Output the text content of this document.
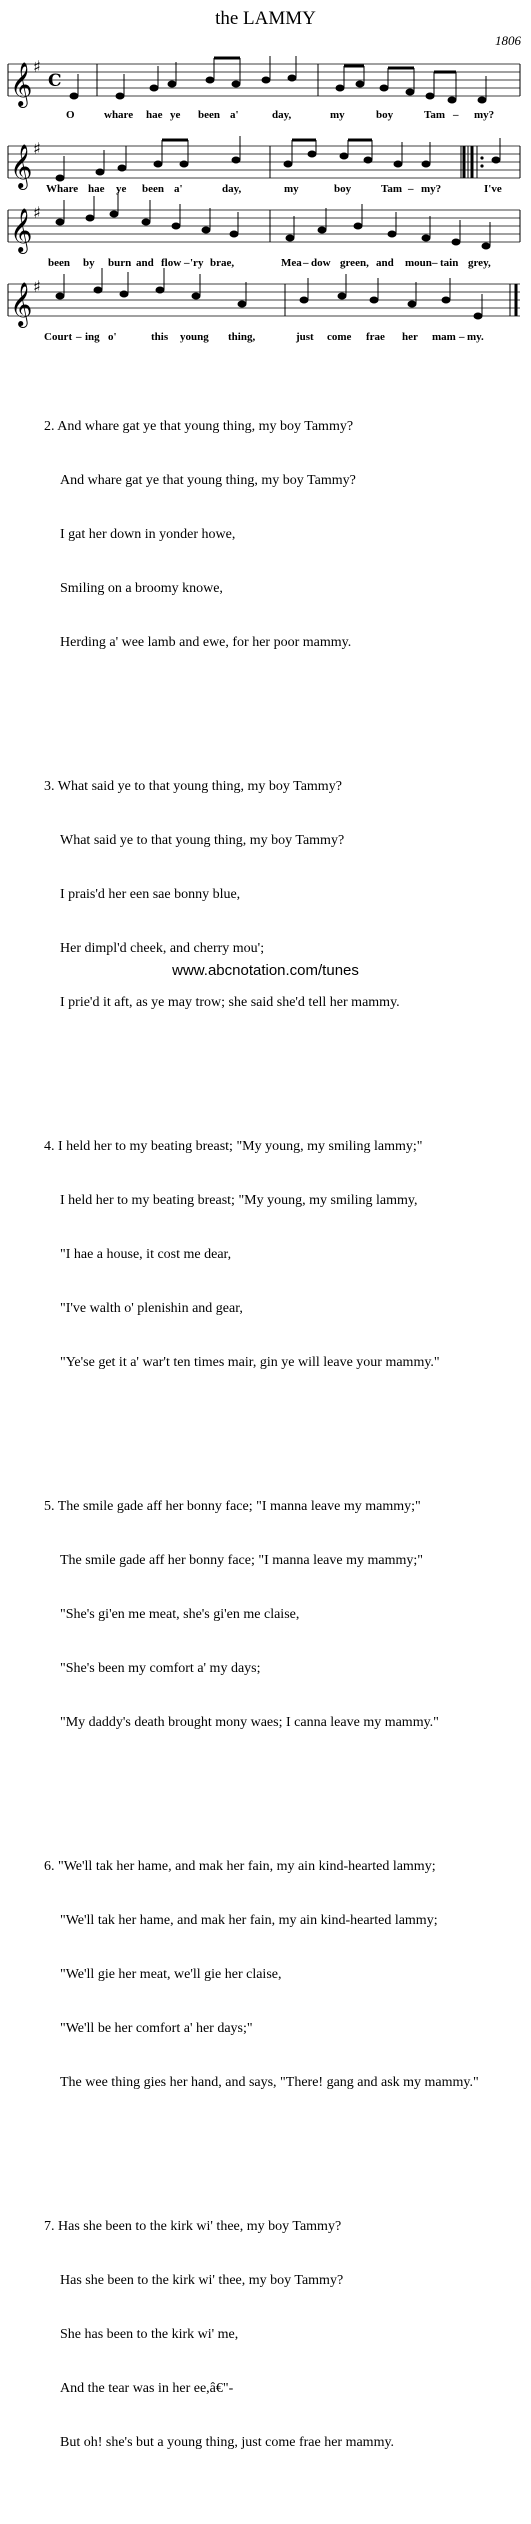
the LAMMY
1806
𝄞
𝄞
𝄞
𝄞
♯
♯
♯
♯
C
O	whare hae ye been a'	day,	my	boy	Tam – my?
Whare hae ye been a'	day,	my	boy	Tam – my?	I've
been by burn and flow – 'ry brae,	Mea – dow green, and moun – tain grey,
Court – ing o'	this young thing,	just come frae her mam – my.

2. And whare gat ye that young thing, my boy Tammy?

And whare gat ye that young thing, my boy Tammy?

I gat her down in yonder howe,

Smiling on a broomy knowe,

Herding a' wee lamb and ewe, for her poor mammy.

3. What said ye to that young thing, my boy Tammy?

What said ye to that young thing, my boy Tammy?

I prais'd her een sae bonny blue,

Her dimpl'd cheek, and cherry mou';

I prie'd it aft, as ye may trow; she said she'd tell her mammy.

4. I held her to my beating breast; "My young, my smiling lammy;"

I held her to my beating breast; "My young, my smiling lammy,

"I hae a house, it cost me dear,

"I've walth o' plenishin and gear,

"Ye'se get it a' war't ten times mair, gin ye will leave your mammy."

5. The smile gade aff her bonny face; "I manna leave my mammy;"

The smile gade aff her bonny face; "I manna leave my mammy;"

"She's gi'en me meat, she's gi'en me claise,

"She's been my comfort a' my days;

"My daddy's death brought mony waes; I canna leave my mammy."

6. "We'll tak her hame, and mak her fain, my ain kind-hearted lammy;

"We'll tak her hame, and mak her fain, my ain kind-hearted lammy;

"We'll gie her meat, we'll gie her claise,

"We'll be her comfort a' her days;"

The wee thing gies her hand, and says, "There! gang and ask my mammy."

7. Has she been to the kirk wi' thee, my boy Tammy?

Has she been to the kirk wi' thee, my boy Tammy?

She has been to the kirk wi' me,

And the tear was in her ee,â€"-

But oh! she's but a young thing, just come frae her mammy.

www.abcnotation.com/tunes
